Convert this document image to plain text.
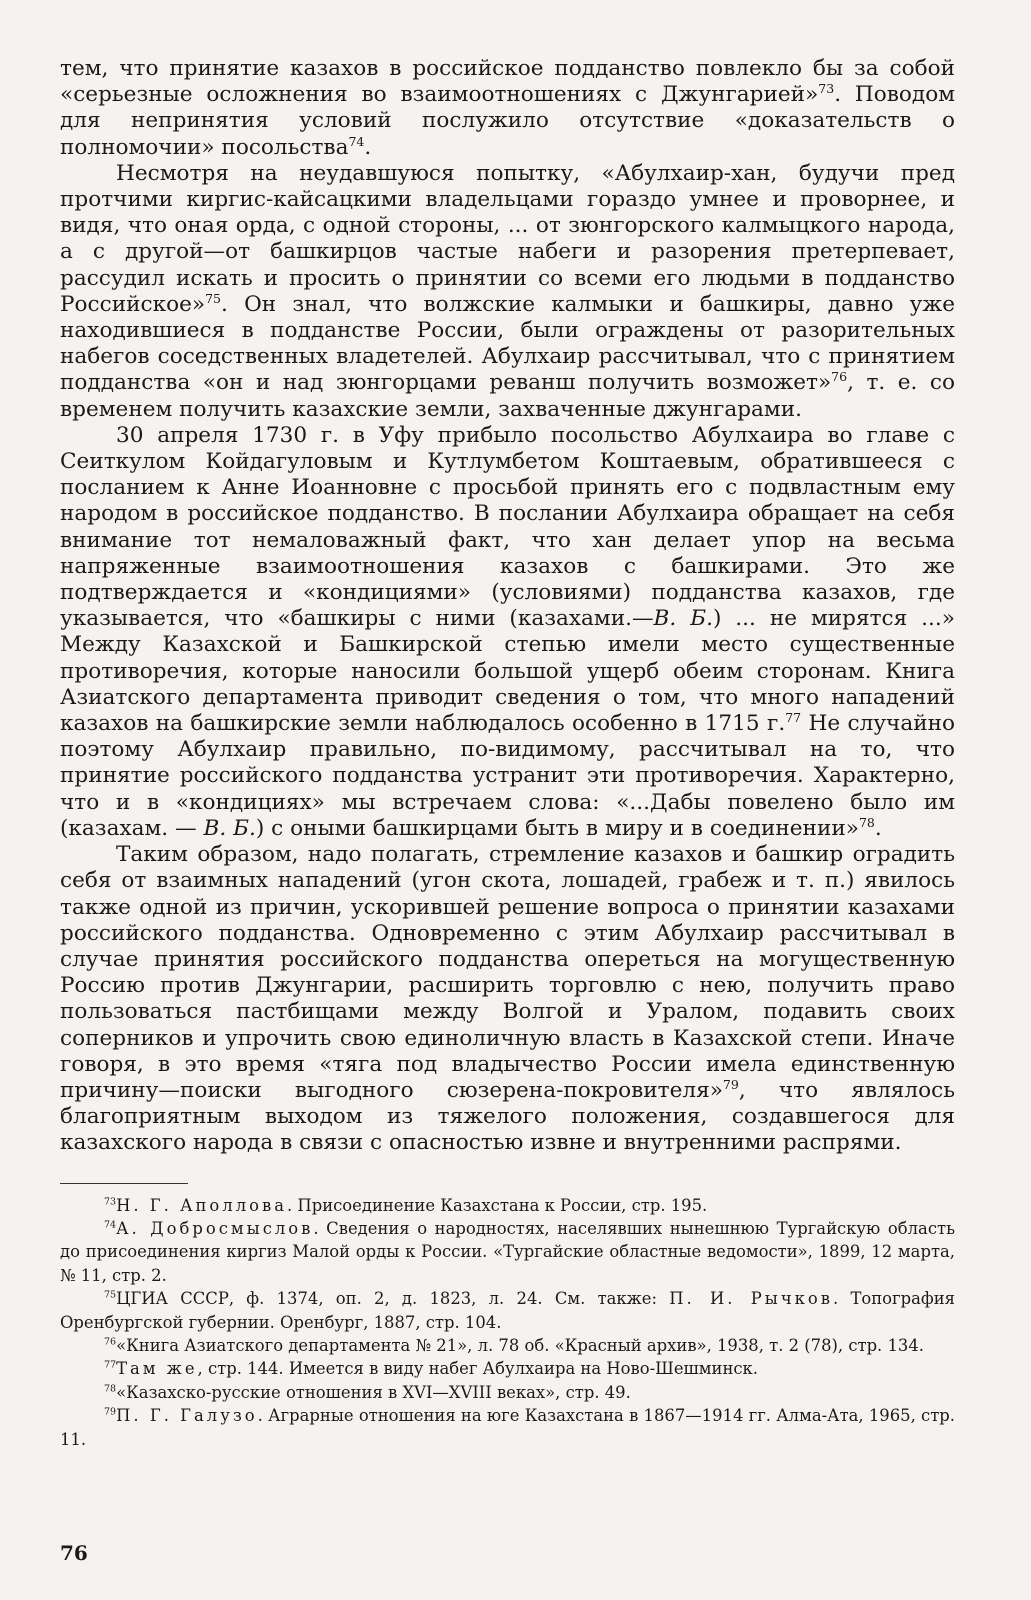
тем, что принятие казахов в российское подданство повлекло бы за собой «серьезные осложнения во взаимоотношениях с Джунгарией»$^{73}$. Поводом для непринятия условий послужило отсутствие «доказательств о полномочии» посольства$^{74}$.

Несмотря на неудавшуюся попытку, «Абулхаир-хан, будучи пред протчими киргис-кайсацкими владельцами гораздо умнее и проворнее, и видя, что оная орда, с одной стороны, ... от зюнгорского калмыцкого народа, а с другой—от башкирцов частые набеги и разорения претерпевает, рассудил искать и просить о принятии со всеми его людьми в подданство Российское»$^{75}$. Он знал, что волжские калмыки и башкиры, давно уже находившиеся в подданстве России, были ограждены от разорительных набегов соседственных владетелей. Абулхаир рассчитывал, что с принятием подданства «он и над зюнгорцами реванш получить возможет»$^{76}$, т. е. со временем получить казахские земли, захваченные джунгарами.

30 апреля 1730 г. в Уфу прибыло посольство Абулхаира во главе с Сеиткулом Койдагуловым и Кутлумбетом Коштаевым, обратившееся с посланием к Анне Иоанновне с просьбой принять его с подвластным ему народом в российское подданство. В послании Абулхаира обращает на себя внимание тот немаловажный факт, что хан делает упор на весьма напряженные взаимоотношения казахов с башкирами. Это же подтверждается и «кондициями» (условиями) подданства казахов, где указывается, что «башкиры с ними (казахами.—В. Б.) ... не мирятся ...» Между Казахской и Башкирской степью имели место существенные противоречия, которые наносили большой ущерб обеим сторонам. Книга Азиатского департамента приводит сведения о том, что много нападений казахов на башкирские земли наблюдалось особенно в 1715 г.$^{77}$ Не случайно поэтому Абулхаир правильно, по-видимому, рассчитывал на то, что принятие российского подданства устранит эти противоречия. Характерно, что и в «кондициях» мы встречаем слова: «...Дабы повелено было им (казахам. — В. Б.) с оными башкирцами быть в миру и в соединении»$^{78}$.

Таким образом, надо полагать, стремление казахов и башкир оградить себя от взаимных нападений (угон скота, лошадей, грабеж и т. п.) явилось также одной из причин, ускорившей решение вопроса о принятии казахами российского подданства. Одновременно с этим Абулхаир рассчитывал в случае принятия российского подданства опереться на могущественную Россию против Джунгарии, расширить торговлю с нею, получить право пользоваться пастбищами между Волгой и Уралом, подавить своих соперников и упрочить свою единоличную власть в Казахской степи. Иначе говоря, в это время «тяга под владычество России имела единственную причину—поиски выгодного сюзерена-покровителя»$^{79}$, что являлось благоприятным выходом из тяжелого положения, создавшегося для казахского народа в связи с опасностью извне и внутренними распрями.

$^{73}$Н. Г. Аполлова. Присоединение Казахстана к России, стр. 195.

$^{74}$А. Добросмыслов. Сведения о народностях, населявших нынешнюю Тургайскую область до присоединения киргиз Малой орды к России. «Тургайские областные ведомости», 1899, 12 марта, № 11, стр. 2.

$^{75}$ЦГИА СССР, ф. 1374, оп. 2, д. 1823, л. 24. См. также: П. И. Рычков. Топография Оренбургской губернии. Оренбург, 1887, стр. 104.

$^{76}$«Книга Азиатского департамента № 21», л. 78 об. «Красный архив», 1938, т. 2 (78), стр. 134.

$^{77}$Там же, стр. 144. Имеется в виду набег Абулхаира на Ново-Шешминск.

$^{78}$«Казахско-русские отношения в XVI—XVIII веках», стр. 49.

$^{79}$П. Г. Галузо. Аграрные отношения на юге Казахстана в 1867—1914 гг. Алма-Ата, 1965, стр. 11.

76
